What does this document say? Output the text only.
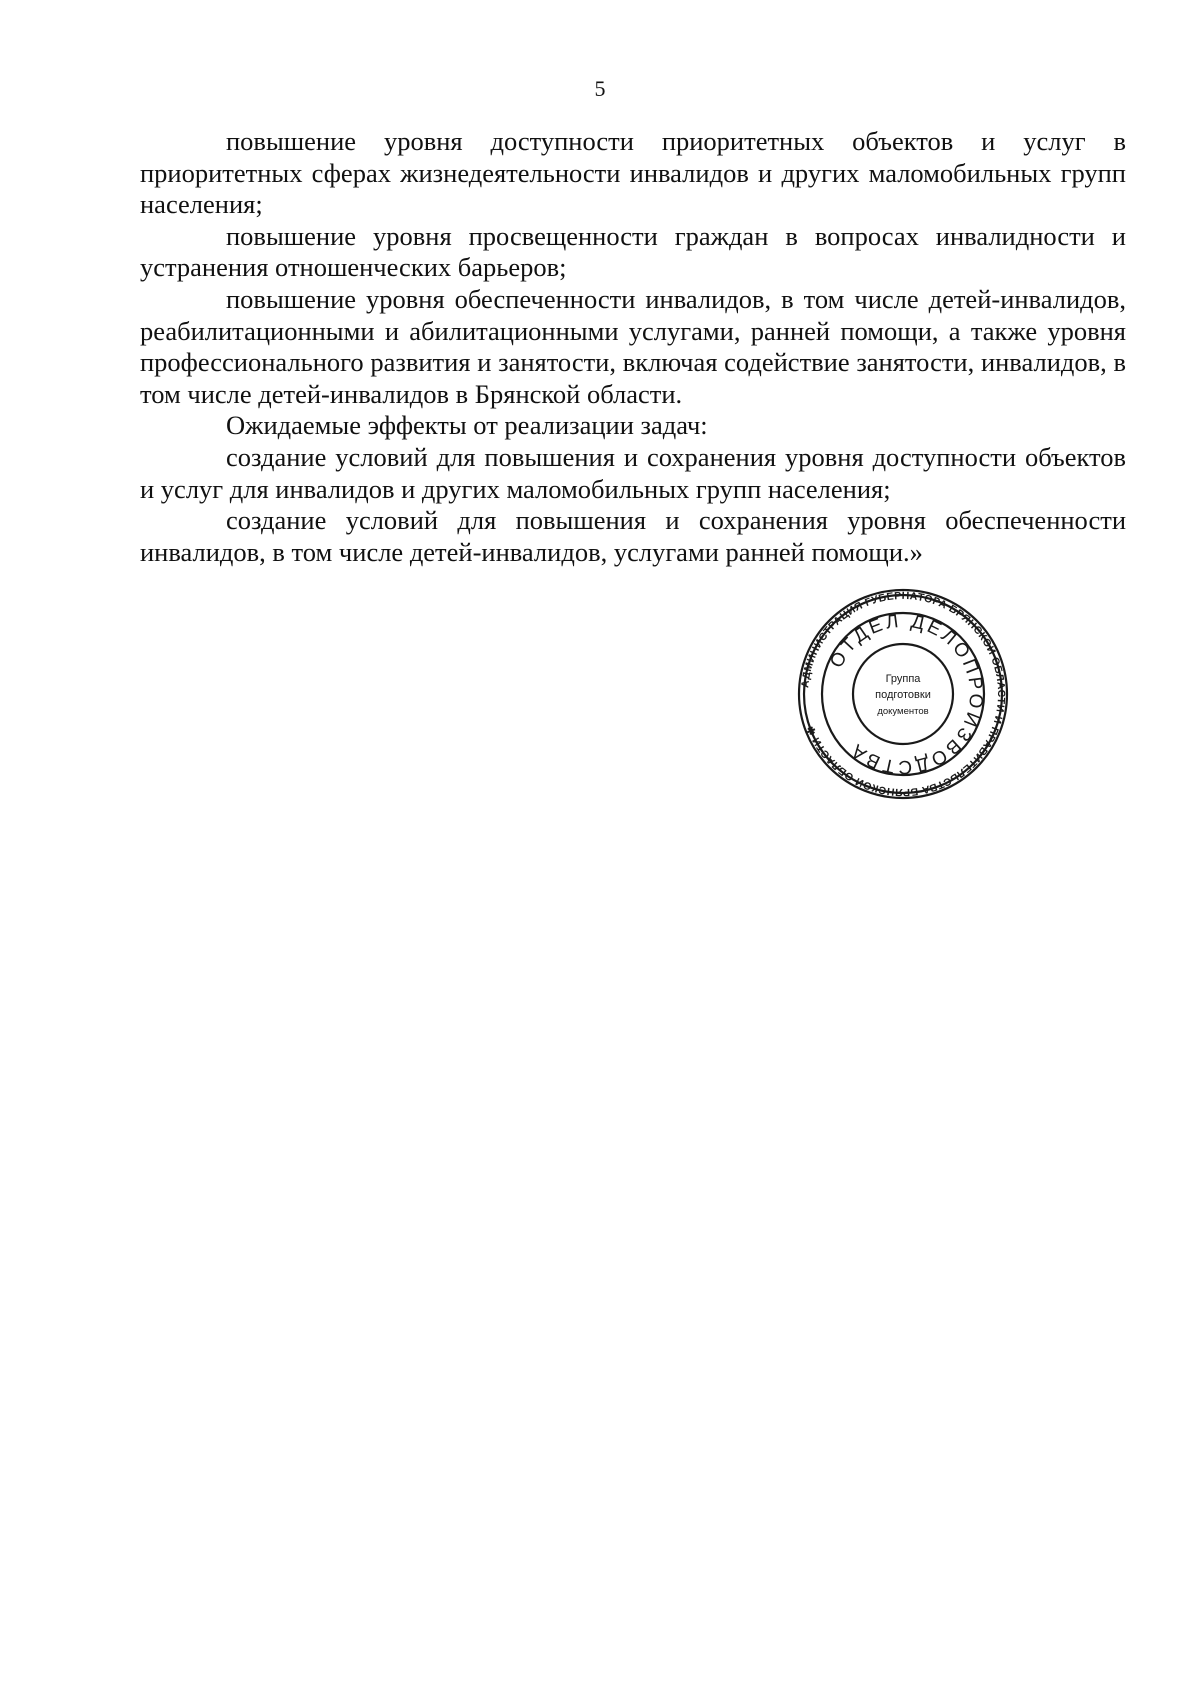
5

повышение уровня доступности приоритетных объектов и услуг в приоритетных сферах жизнедеятельности инвалидов и других маломобильных групп населения;

повышение уровня просвещенности граждан в вопросах инвалидности и устранения отношенческих барьеров;

повышение уровня обеспеченности инвалидов, в том числе детей-инвалидов, реабилитационными и абилитационными услугами, ранней помощи, а также уровня профессионального развития и занятости, включая содействие занятости, инвалидов, в том числе детей-инвалидов в Брянской области.

Ожидаемые эффекты от реализации задач:

создание условий для повышения и сохранения уровня доступности объектов и услуг для инвалидов и других маломобильных групп населения;

создание условий для повышения и сохранения уровня обеспеченности инвалидов, в том числе детей-инвалидов, услугами ранней помощи.»

АДМИНИСТРАЦИЯ ГУБЕРНАТОРА БРЯНСКОЙ ОБЛАСТИ И ПРАВИТЕЛЬСТВА БРЯНСКОЙ ОБЛАСТИ ✱
ОТДЕЛ ДЕЛОПРОИЗВОДСТВА
Группа
подготовки
документов
